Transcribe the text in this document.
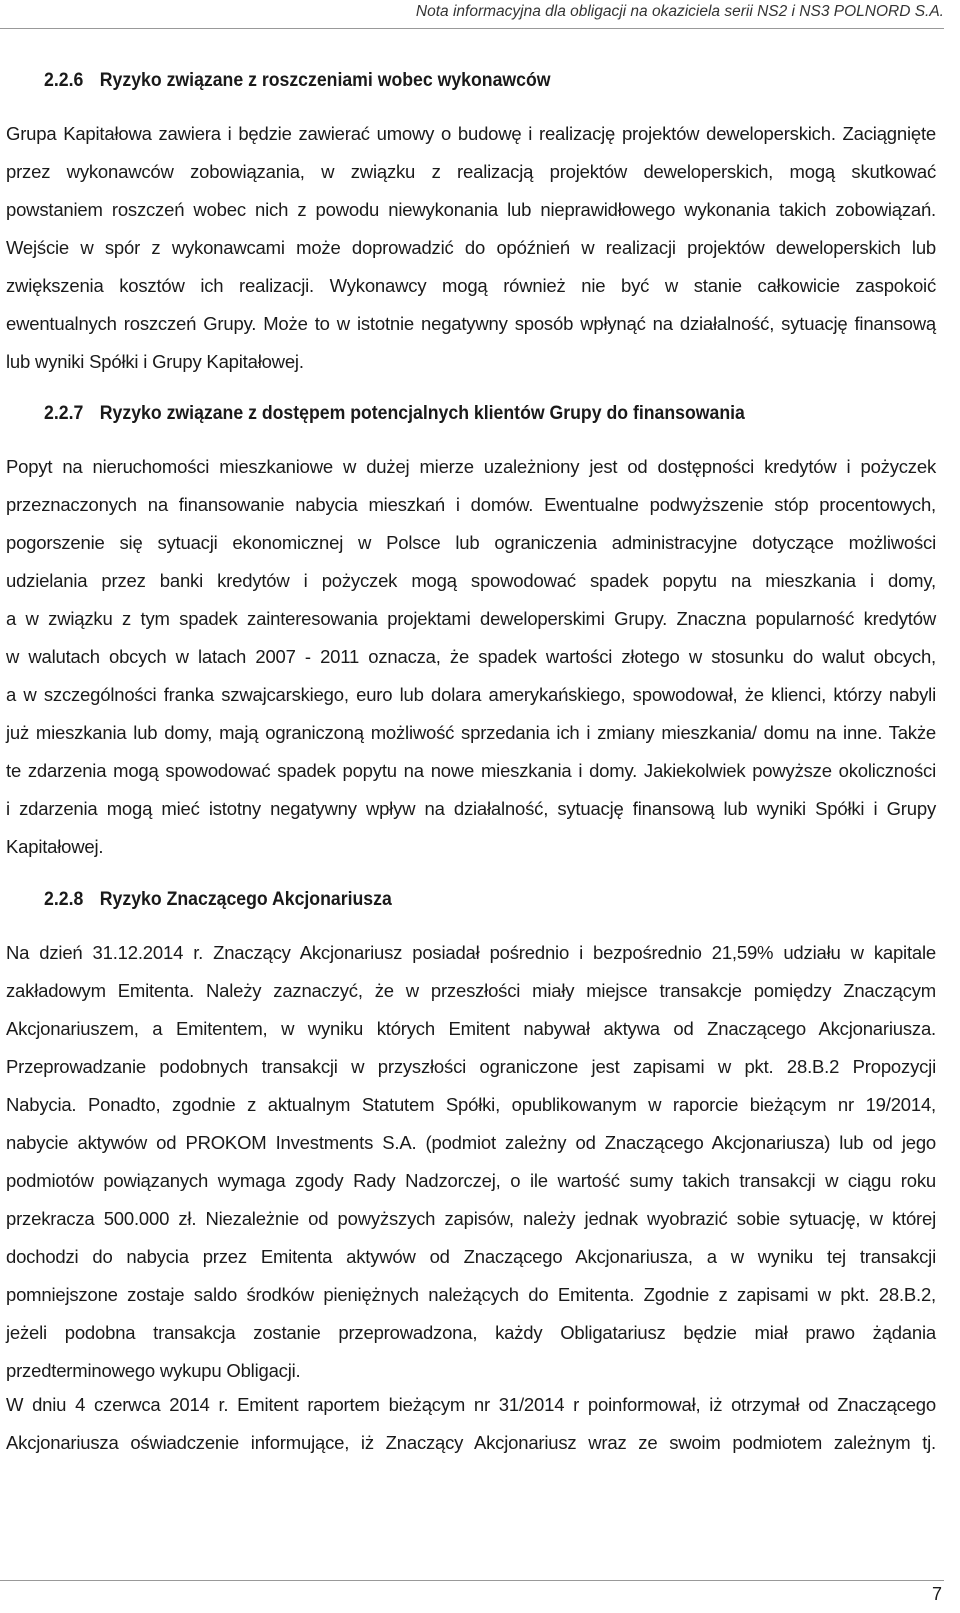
Nota informacyjna dla obligacji na okaziciela serii NS2 i NS3 POLNORD S.A.
2.2.6 Ryzyko związane z roszczeniami wobec wykonawców
Grupa Kapitałowa zawiera i będzie zawierać umowy o budowę i realizację projektów deweloperskich. Zaciągnięte
przez wykonawców zobowiązania, w związku z realizacją projektów deweloperskich, mogą skutkować
powstaniem roszczeń wobec nich z powodu niewykonania lub nieprawidłowego wykonania takich zobowiązań.
Wejście w spór z wykonawcami może doprowadzić do opóźnień w realizacji projektów deweloperskich lub
zwiększenia kosztów ich realizacji. Wykonawcy mogą również nie być w stanie całkowicie zaspokoić
ewentualnych roszczeń Grupy. Może to w istotnie negatywny sposób wpłynąć na działalność, sytuację finansową
lub wyniki Spółki i Grupy Kapitałowej.
2.2.7 Ryzyko związane z dostępem potencjalnych klientów Grupy do finansowania
Popyt na nieruchomości mieszkaniowe w dużej mierze uzależniony jest od dostępności kredytów i pożyczek
przeznaczonych na finansowanie nabycia mieszkań i domów. Ewentualne podwyższenie stóp procentowych,
pogorszenie się sytuacji ekonomicznej w Polsce lub ograniczenia administracyjne dotyczące możliwości
udzielania przez banki kredytów i pożyczek mogą spowodować spadek popytu na mieszkania i domy,
a w związku z tym spadek zainteresowania projektami deweloperskimi Grupy. Znaczna popularność kredytów
w walutach obcych w latach 2007 - 2011 oznacza, że spadek wartości złotego w stosunku do walut obcych,
a w szczególności franka szwajcarskiego, euro lub dolara amerykańskiego, spowodował, że klienci, którzy nabyli
już mieszkania lub domy, mają ograniczoną możliwość sprzedania ich i zmiany mieszkania/ domu na inne. Także
te zdarzenia mogą spowodować spadek popytu na nowe mieszkania i domy. Jakiekolwiek powyższe okoliczności
i zdarzenia mogą mieć istotny negatywny wpływ na działalność, sytuację finansową lub wyniki Spółki i Grupy
Kapitałowej.
2.2.8 Ryzyko Znaczącego Akcjonariusza
Na dzień 31.12.2014 r. Znaczący Akcjonariusz posiadał pośrednio i bezpośrednio 21,59% udziału w kapitale
zakładowym Emitenta. Należy zaznaczyć, że w przeszłości miały miejsce transakcje pomiędzy Znaczącym
Akcjonariuszem, a Emitentem, w wyniku których Emitent nabywał aktywa od Znaczącego Akcjonariusza.
Przeprowadzanie podobnych transakcji w przyszłości ograniczone jest zapisami w pkt. 28.B.2 Propozycji
Nabycia. Ponadto, zgodnie z aktualnym Statutem Spółki, opublikowanym w raporcie bieżącym nr 19/2014,
nabycie aktywów od PROKOM Investments S.A. (podmiot zależny od Znaczącego Akcjonariusza) lub od jego
podmiotów powiązanych wymaga zgody Rady Nadzorczej, o ile wartość sumy takich transakcji w ciągu roku
przekracza 500.000 zł. Niezależnie od powyższych zapisów, należy jednak wyobrazić sobie sytuację, w której
dochodzi do nabycia przez Emitenta aktywów od Znaczącego Akcjonariusza, a w wyniku tej transakcji
pomniejszone zostaje saldo środków pieniężnych należących do Emitenta. Zgodnie z zapisami w pkt. 28.B.2,
jeżeli podobna transakcja zostanie przeprowadzona, każdy Obligatariusz będzie miał prawo żądania
przedterminowego wykupu Obligacji.
W dniu 4 czerwca 2014 r. Emitent raportem bieżącym nr 31/2014 r poinformował, iż otrzymał od Znaczącego
Akcjonariusza oświadczenie informujące, iż Znaczący Akcjonariusz wraz ze swoim podmiotem zależnym tj.
7
